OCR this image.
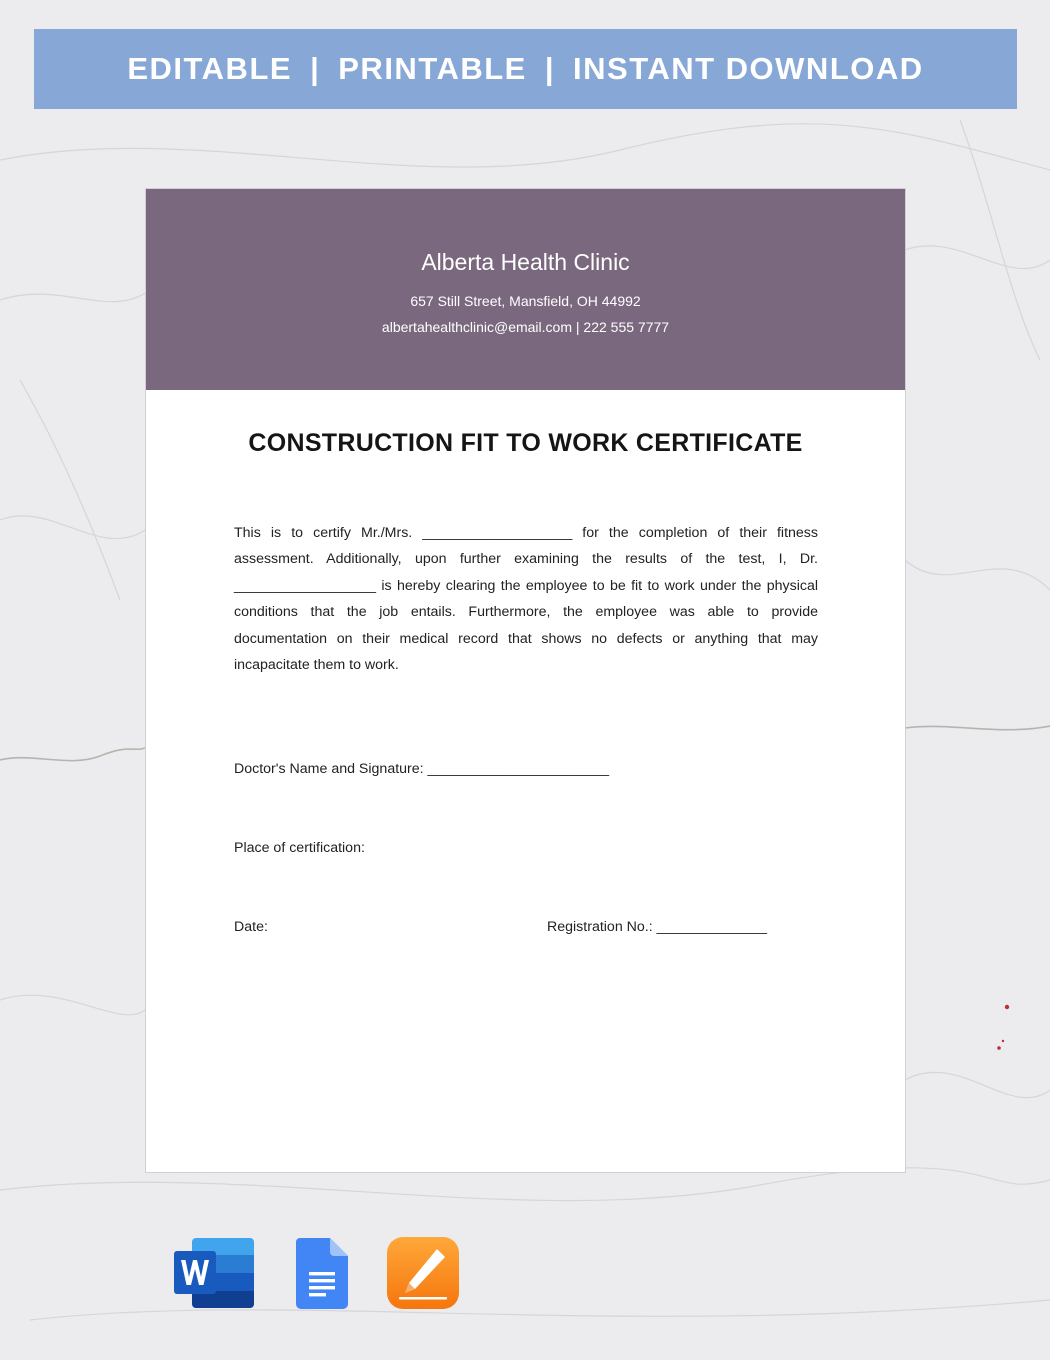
EDITABLE | PRINTABLE | INSTANT DOWNLOAD
Alberta Health Clinic
657 Still Street, Mansfield, OH 44992
albertahealthclinic@email.com | 222 555 7777
CONSTRUCTION FIT TO WORK CERTIFICATE
This is to certify Mr./Mrs. ___________________ for the completion of their fitness assessment. Additionally, upon further examining the results of the test, I, Dr. __________________ is hereby clearing the employee to be fit to work under the physical conditions that the job entails. Furthermore, the employee was able to provide documentation on their medical record that shows no defects or anything that may incapacitate them to work.
Doctor's Name and Signature: _______________________
Place of certification:
Date:	Registration No.: ______________
